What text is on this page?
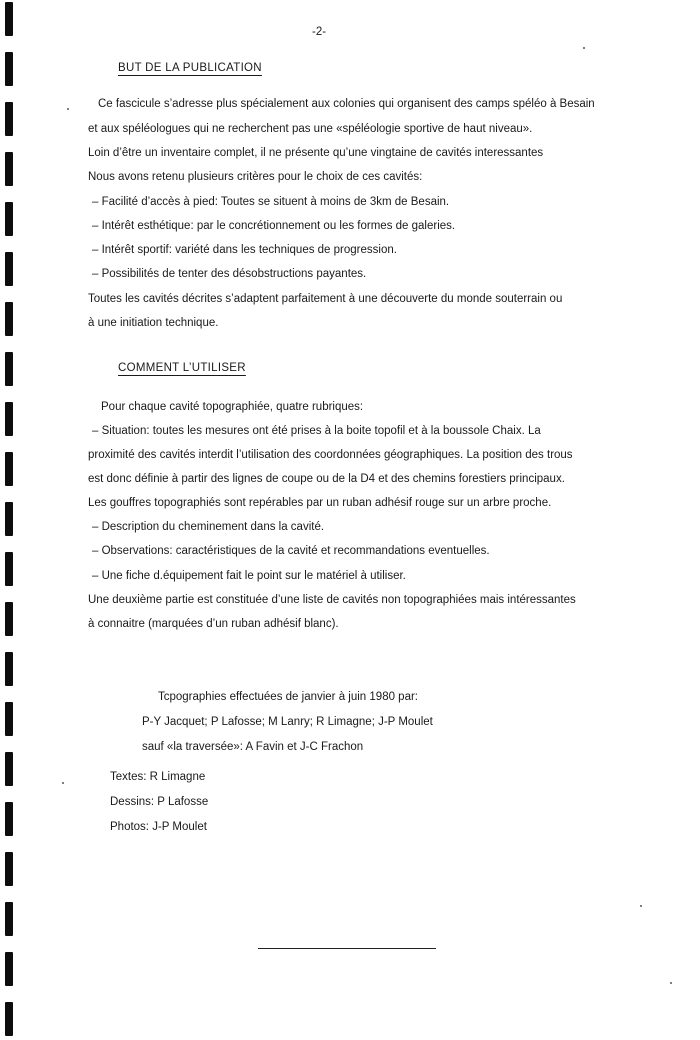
-2-
BUT DE LA PUBLICATION
Ce fascicule s’adresse plus spécialement aux colonies qui organisent des camps spéléo à Besain
et aux spéléologues qui ne recherchent pas une «spéléologie sportive de haut niveau».
Loin d’être un inventaire complet, il ne présente qu’une vingtaine de cavités interessantes
Nous avons retenu plusieurs critères pour le choix de ces cavités:
– Facilité d’accès à pied: Toutes se situent à moins de 3km de Besain.
– Intérêt esthétique: par le concrétionnement ou les formes de galeries.
– Intérêt sportif: variété dans les techniques de progression.
– Possibilités de tenter des désobstructions payantes.
Toutes les cavités décrites s’adaptent parfaitement à une découverte du monde souterrain ou
à une initiation technique.
COMMENT L’UTILISER
Pour chaque cavité topographiée, quatre rubriques:
– Situation: toutes les mesures ont été prises à la boite topofil et à la boussole Chaix. La
proximité des cavités interdit l’utilisation des coordonnées géographiques. La position des trous
est donc définie à partir des lignes de coupe ou de la D4 et des chemins forestiers principaux.
Les gouffres topographiés sont repérables par un ruban adhésif rouge sur un arbre proche.
– Description du cheminement dans la cavité.
– Observations: caractéristiques de la cavité et recommandations eventuelles.
– Une fiche d.équipement fait le point sur le matériel à utiliser.
Une deuxième partie est constituée d’une liste de cavités non topographiées mais intéressantes
à connaitre (marquées d’un ruban adhésif blanc).
Tcpographies effectuées de janvier à juin 1980 par:
P-Y Jacquet; P Lafosse; M Lanry; R Limagne; J-P Moulet
sauf «la traversée»: A Favin et J-C Frachon
Textes: R Limagne
Dessins: P Lafosse
Photos: J-P Moulet
